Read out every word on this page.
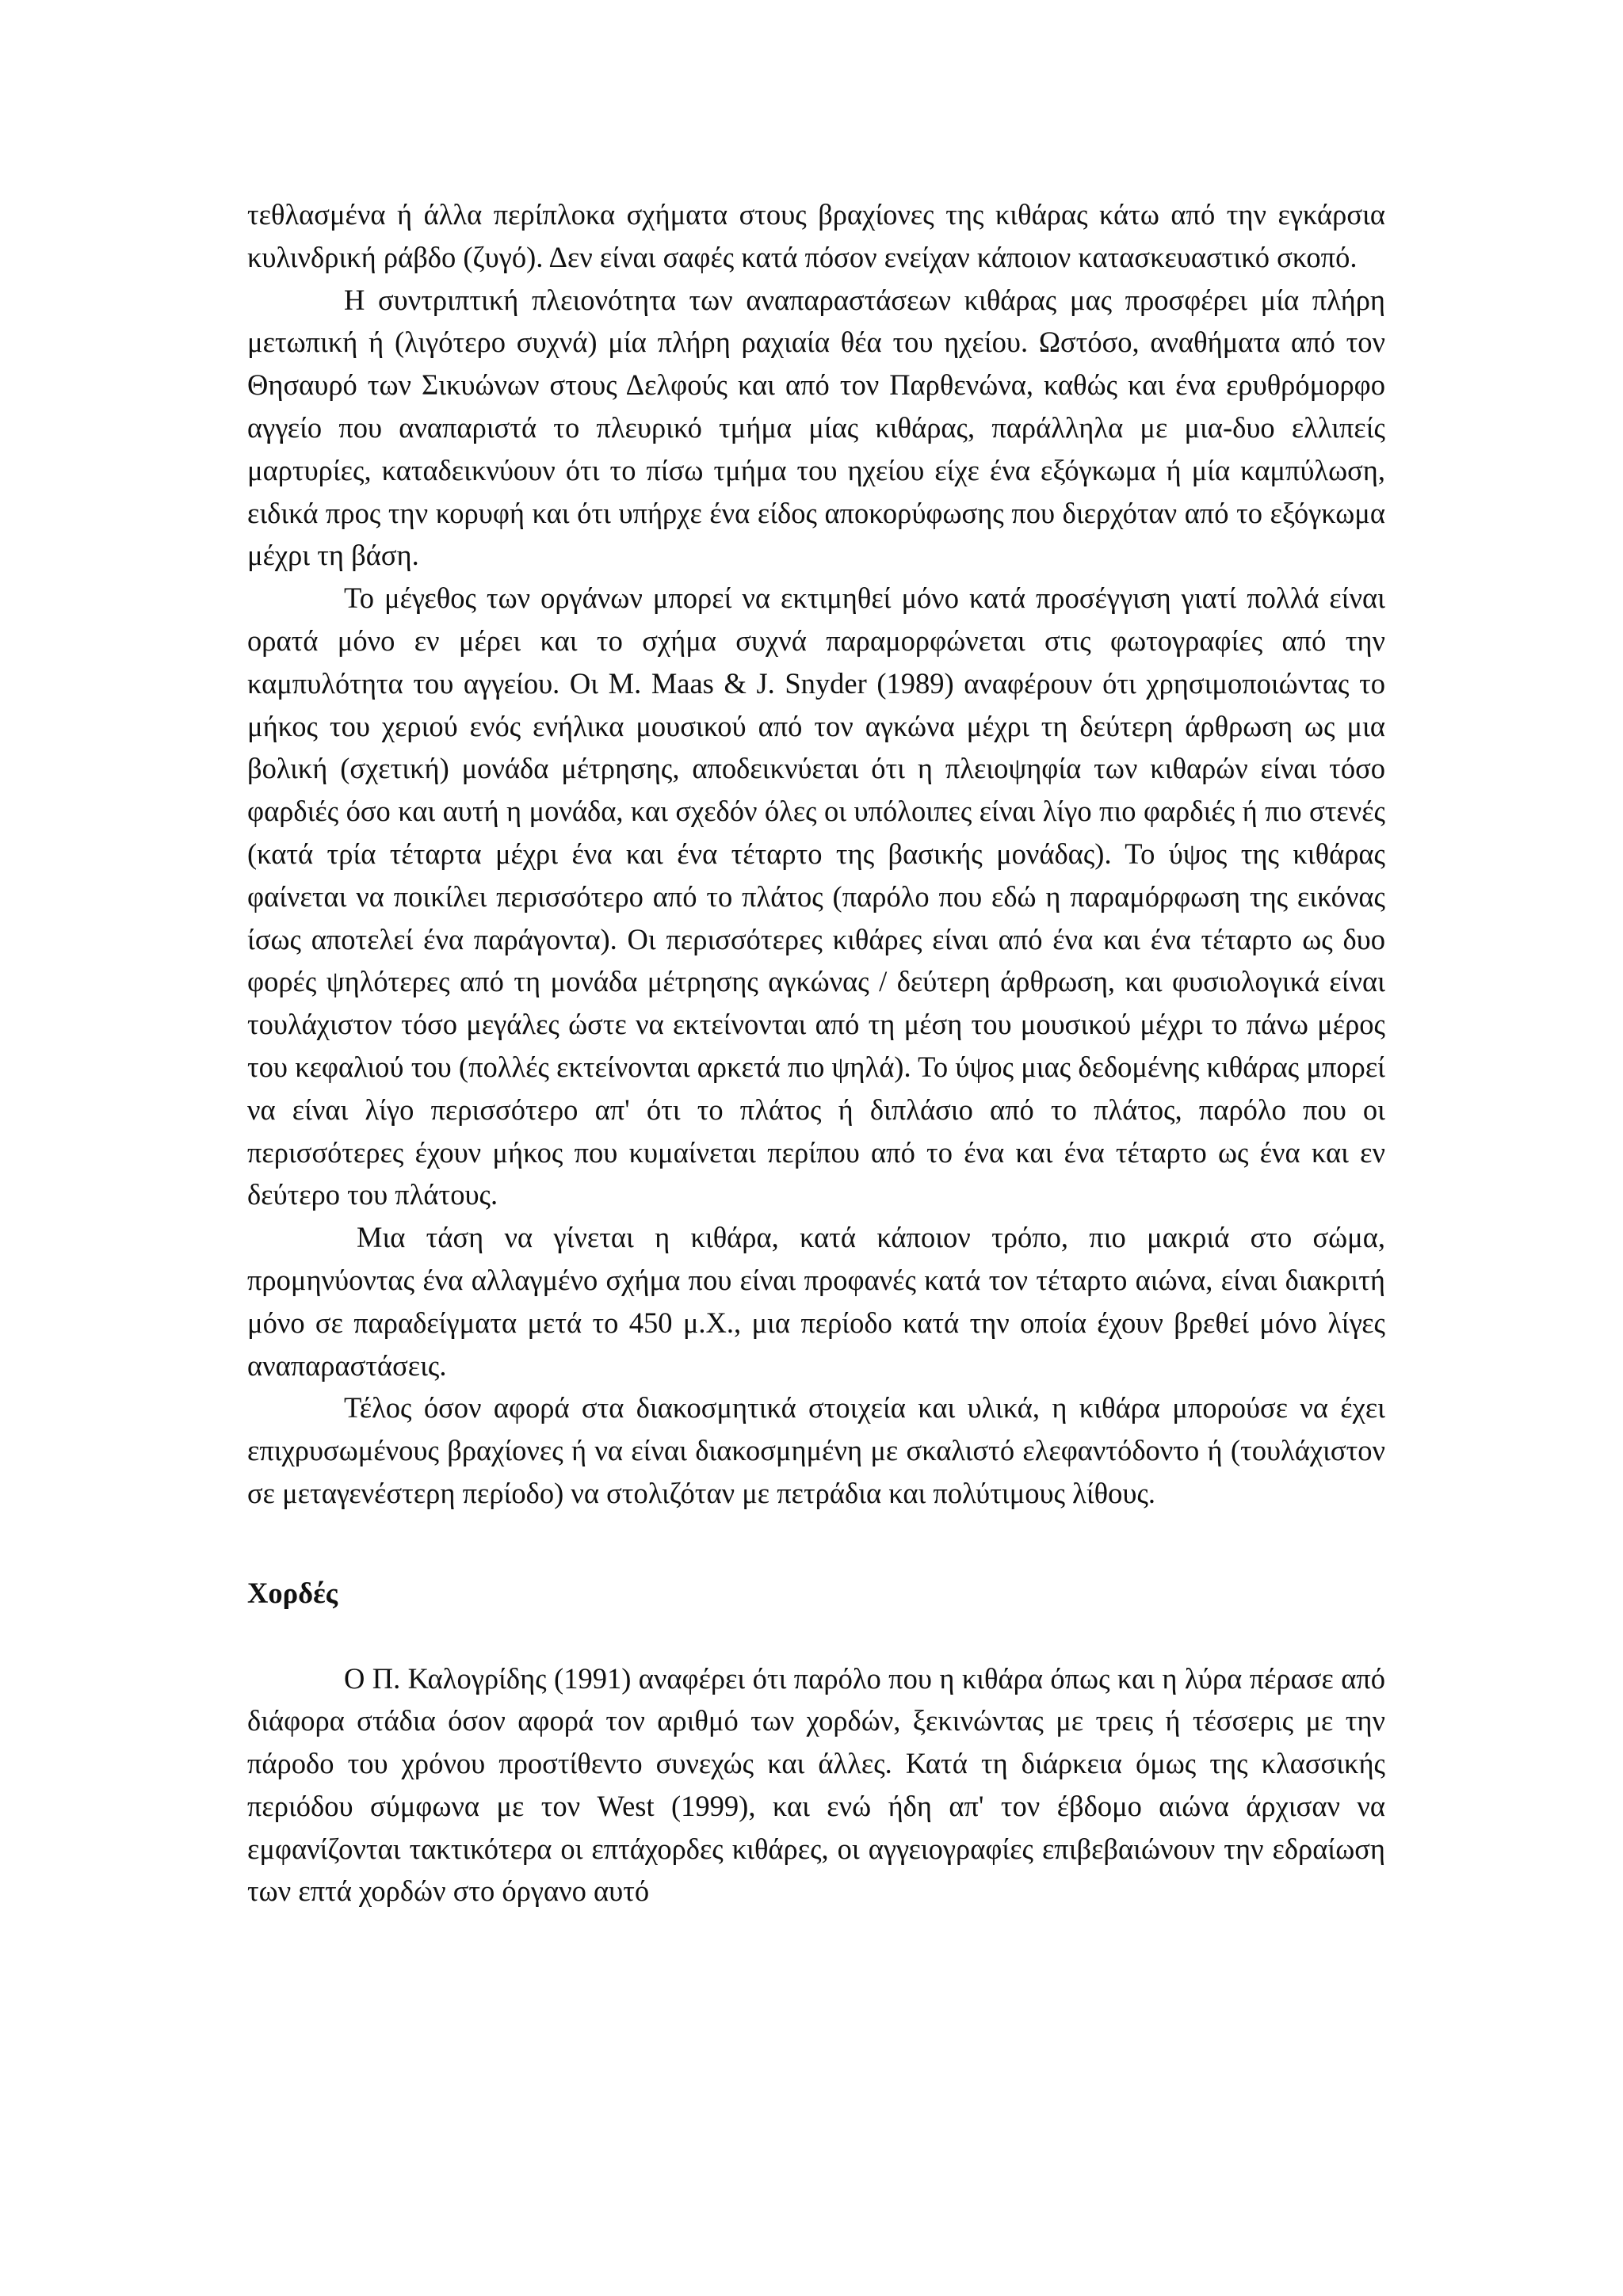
τεθλασμένα ή άλλα περίπλοκα σχήματα στους βραχίονες της κιθάρας κάτω από την εγκάρσια κυλινδρική ράβδο (ζυγό). Δεν είναι σαφές κατά πόσον ενείχαν κάποιον κατασκευαστικό σκοπό.

Η συντριπτική πλειονότητα των αναπαραστάσεων κιθάρας μας προσφέρει μία πλήρη μετωπική ή (λιγότερο συχνά) μία πλήρη ραχιαία θέα του ηχείου. Ωστόσο, αναθήματα από τον Θησαυρό των Σικυώνων στους Δελφούς και από τον Παρθενώνα, καθώς και ένα ερυθρόμορφο αγγείο που αναπαριστά το πλευρικό τμήμα μίας κιθάρας, παράλληλα με μια-δυο ελλιπείς μαρτυρίες, καταδεικνύουν ότι το πίσω τμήμα του ηχείου είχε ένα εξόγκωμα ή μία καμπύλωση, ειδικά προς την κορυφή και ότι υπήρχε ένα είδος αποκορύφωσης που διερχόταν από το εξόγκωμα μέχρι τη βάση.

Το μέγεθος των οργάνων μπορεί να εκτιμηθεί μόνο κατά προσέγγιση γιατί πολλά είναι ορατά μόνο εν μέρει και το σχήμα συχνά παραμορφώνεται στις φωτογραφίες από την καμπυλότητα του αγγείου. Οι M. Maas & J. Snyder (1989) αναφέρουν ότι χρησιμοποιώντας το μήκος του χεριού ενός ενήλικα μουσικού από τον αγκώνα μέχρι τη δεύτερη άρθρωση ως μια βολική (σχετική) μονάδα μέτρησης, αποδεικνύεται ότι η πλειοψηφία των κιθαρών είναι τόσο φαρδιές όσο και αυτή η μονάδα, και σχεδόν όλες οι υπόλοιπες είναι λίγο πιο φαρδιές ή πιο στενές (κατά τρία τέταρτα μέχρι ένα και ένα τέταρτο της βασικής μονάδας). Το ύψος της κιθάρας φαίνεται να ποικίλει περισσότερο από το πλάτος (παρόλο που εδώ η παραμόρφωση της εικόνας ίσως αποτελεί ένα παράγοντα). Οι περισσότερες κιθάρες είναι από ένα και ένα τέταρτο ως δυο φορές ψηλότερες από τη μονάδα μέτρησης αγκώνας / δεύτερη άρθρωση, και φυσιολογικά είναι τουλάχιστον τόσο μεγάλες ώστε να εκτείνονται από τη μέση του μουσικού μέχρι το πάνω μέρος του κεφαλιού του (πολλές εκτείνονται αρκετά πιο ψηλά). Το ύψος μιας δεδομένης κιθάρας μπορεί να είναι λίγο περισσότερο απ' ότι το πλάτος ή διπλάσιο από το πλάτος, παρόλο που οι περισσότερες έχουν μήκος που κυμαίνεται περίπου από το ένα και ένα τέταρτο ως ένα και εν δεύτερο του πλάτους.

Μια τάση να γίνεται η κιθάρα, κατά κάποιον τρόπο, πιο μακριά στο σώμα, προμηνύοντας ένα αλλαγμένο σχήμα που είναι προφανές κατά τον τέταρτο αιώνα, είναι διακριτή μόνο σε παραδείγματα μετά το 450 μ.Χ., μια περίοδο κατά την οποία έχουν βρεθεί μόνο λίγες αναπαραστάσεις.

Τέλος όσον αφορά στα διακοσμητικά στοιχεία και υλικά, η κιθάρα μπορούσε να έχει επιχρυσωμένους βραχίονες ή να είναι διακοσμημένη με σκαλιστό ελεφαντόδοντο ή (τουλάχιστον σε μεταγενέστερη περίοδο) να στολιζόταν με πετράδια και πολύτιμους λίθους.

Χορδές

Ο Π. Καλογρίδης (1991) αναφέρει ότι παρόλο που η κιθάρα όπως και η λύρα πέρασε από διάφορα στάδια όσον αφορά τον αριθμό των χορδών, ξεκινώντας με τρεις ή τέσσερις με την πάροδο του χρόνου προστίθεντο συνεχώς και άλλες. Κατά τη διάρκεια όμως της κλασσικής περιόδου σύμφωνα με τον West (1999), και ενώ ήδη απ' τον έβδομο αιώνα άρχισαν να εμφανίζονται τακτικότερα οι επτάχορδες κιθάρες, οι αγγειογραφίες επιβεβαιώνουν την εδραίωση των επτά χορδών στο όργανο αυτό
